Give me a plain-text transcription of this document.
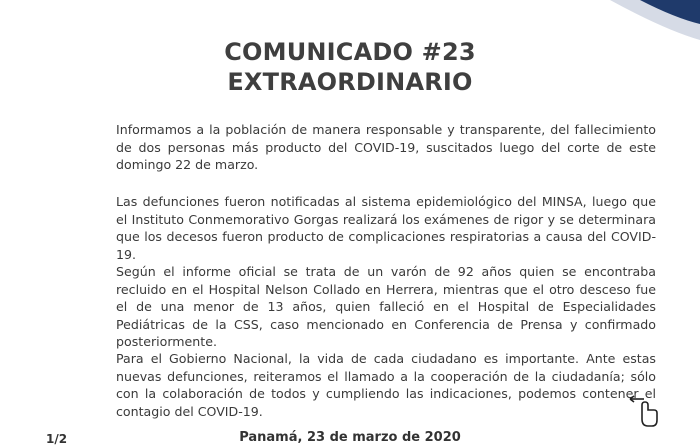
COMUNICADO #23
EXTRAORDINARIO
Informamos a la población de manera responsable y transparente, del fallecimiento de dos personas más producto del COVID-19, suscitados luego del corte de este domingo 22 de marzo.
Las defunciones fueron notificadas al sistema epidemiológico del MINSA, luego que el Instituto Conmemorativo Gorgas realizará los exámenes de rigor y se determinara que los decesos fueron producto de complicaciones respiratorias a causa del COVID-19.
Según el informe oficial se trata de un varón de 92 años quien se encontraba recluido en el Hospital Nelson Collado en Herrera, mientras que el otro desceso fue el de una menor de 13 años, quien falleció en el Hospital de Especialidades Pediátricas de la CSS, caso mencionado en Conferencia de Prensa y confirmado posteriormente.
Para el Gobierno Nacional, la vida de cada ciudadano es importante. Ante estas nuevas defunciones, reiteramos el llamado a la cooperación de la ciudadanía; sólo con la colaboración de todos y cumpliendo las indicaciones, podemos contener el contagio del COVID-19.
1/2	Panamá, 23 de marzo de 2020
